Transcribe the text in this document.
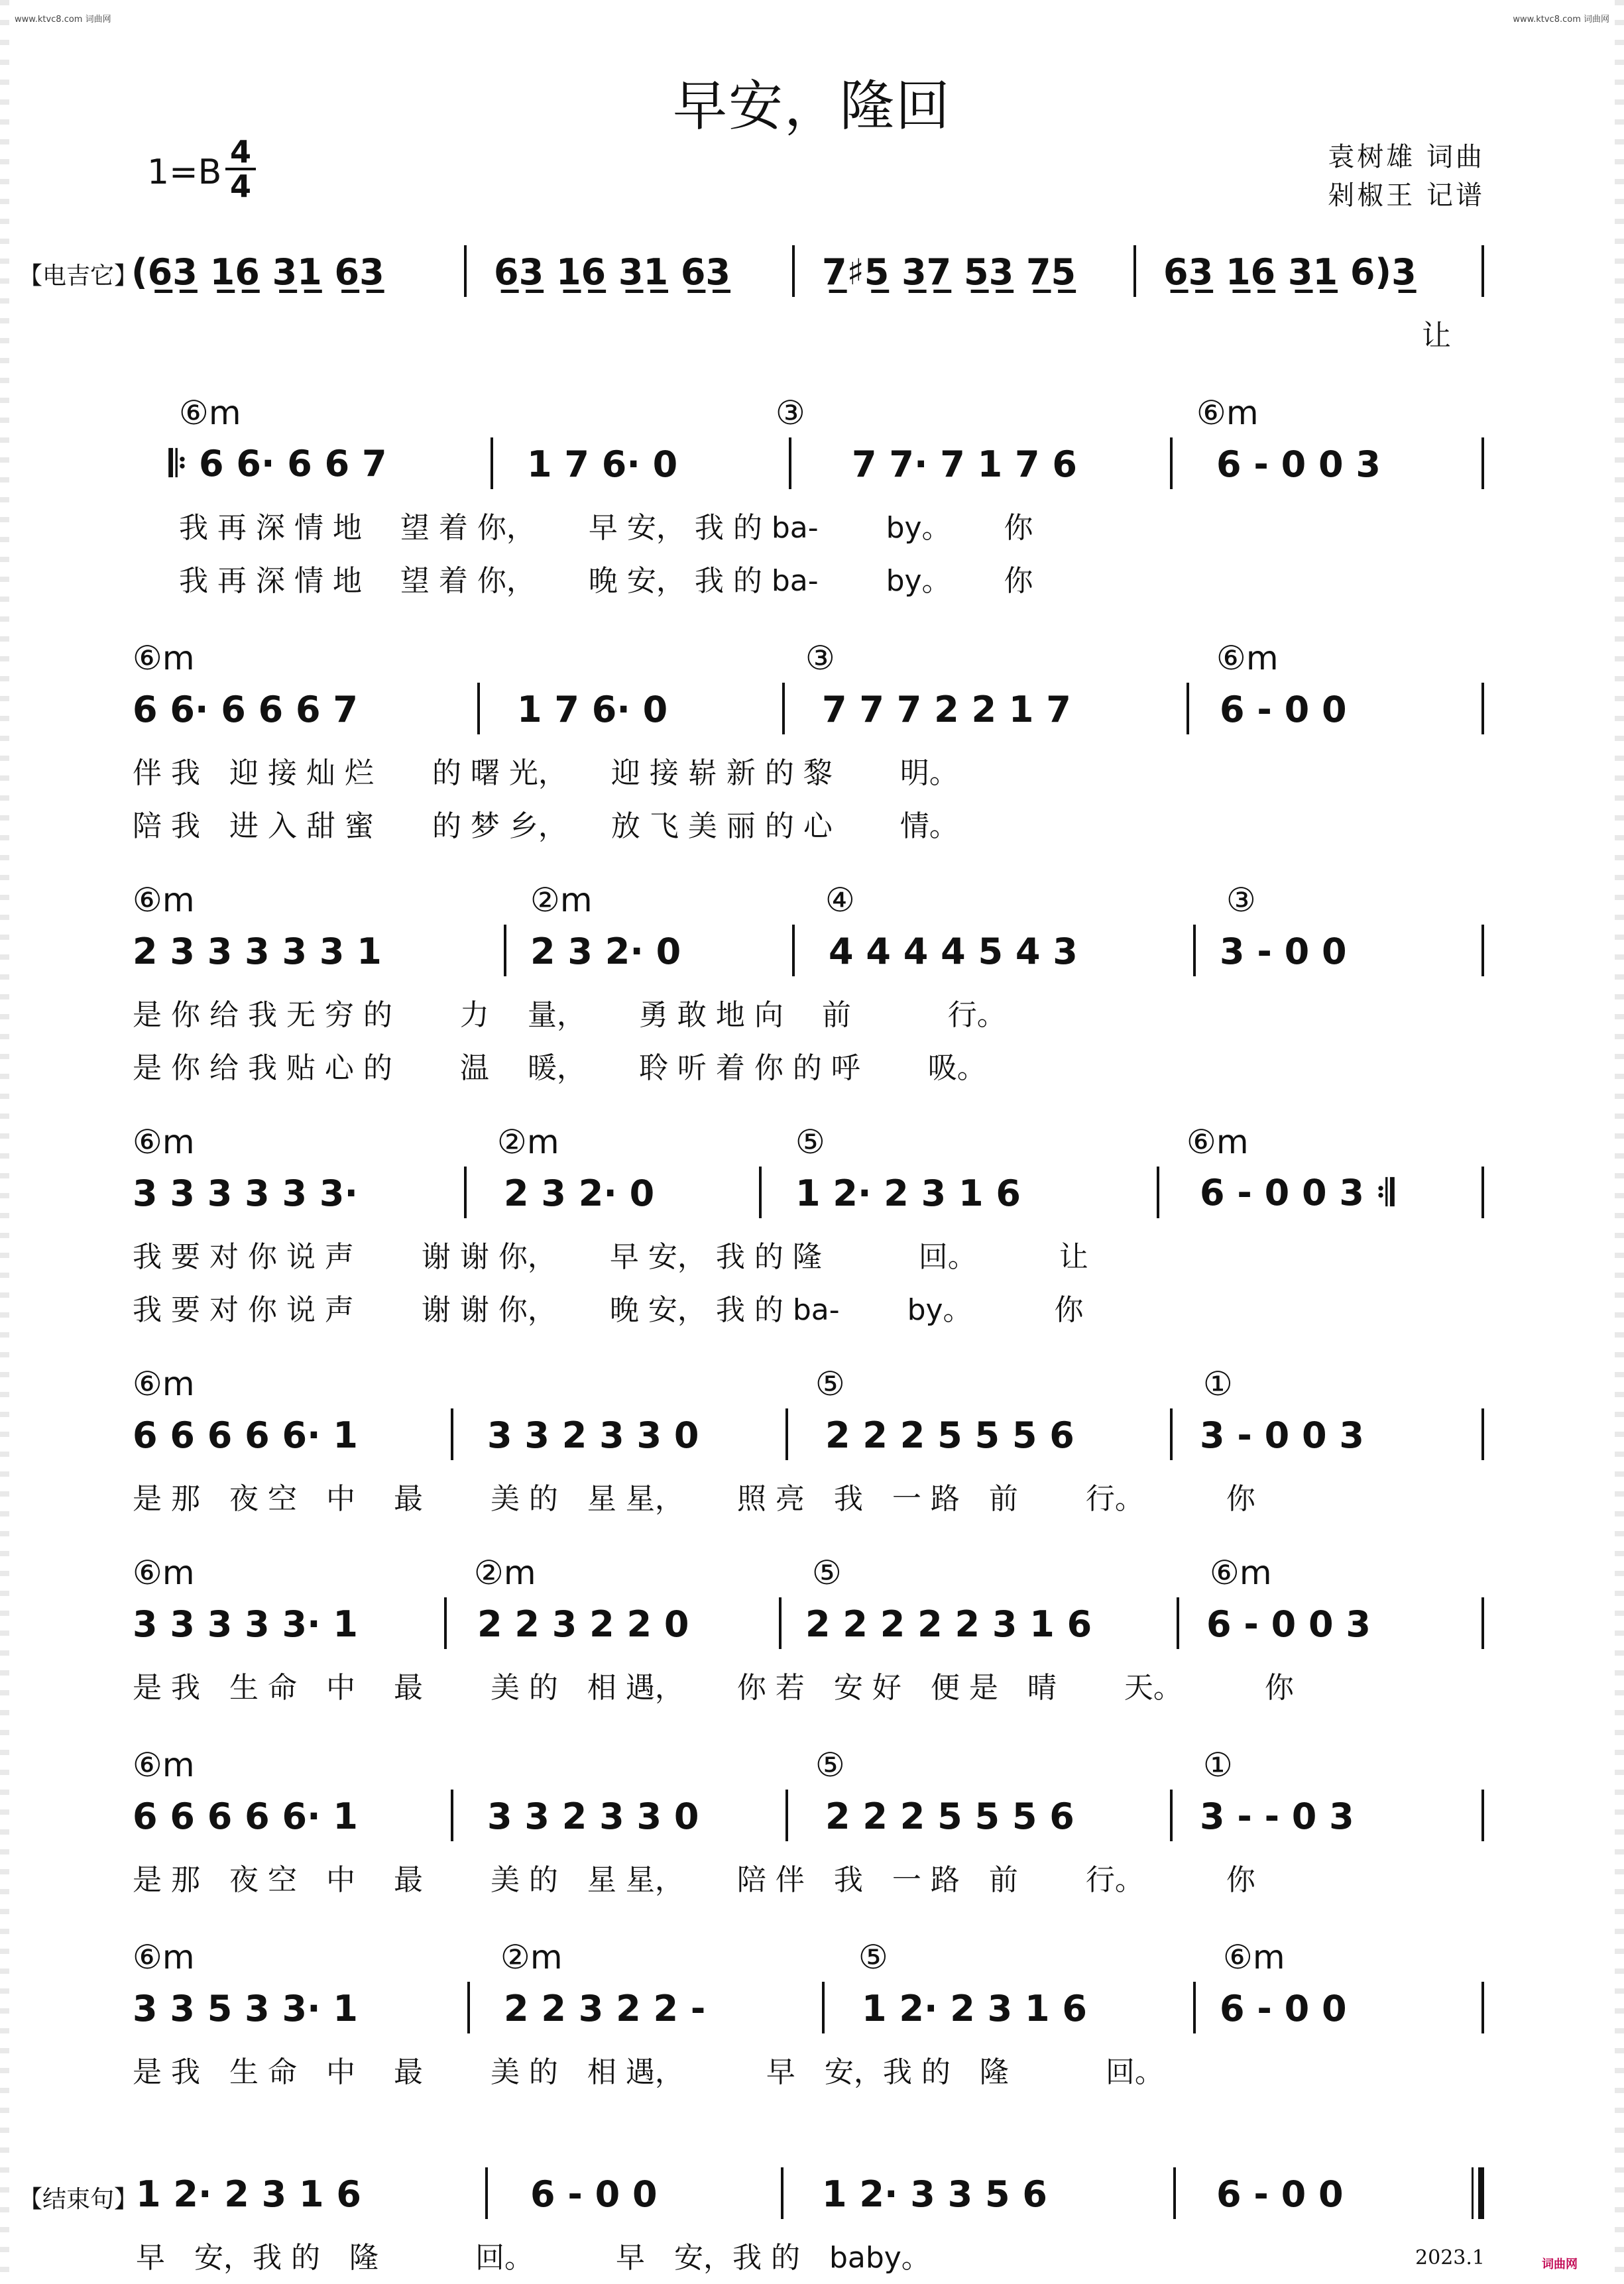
www.ktvc8.com 词曲网	www.ktvc8.com 词曲网
早安，隆回
1=B
4
4
袁树雄 词曲
剁椒王 记谱
【电吉它】
(6̲3̲ 1̲6̲ 3̲1̲ 6̲3̲	6̲3̲ 1̲6̲ 3̲1̲ 6̲3̲	7̲♯5̲ 3̲7̲ 5̲3̲ 7̲5̲ 6̲3̲ 1̲6̲ 3̲1̲ 6)3̲
让
⑥m	③	⑥m
𝄆 6 6· 6 6 7	1 7 6· 0	7 7· 7 1 7 6	6 - 0 0 3
我 再 深 情 地　 望 着 你，　　 早 安， 我 的 ba-　　 by。　　 你
我 再 深 情 地　 望 着 你，　　 晚 安， 我 的 ba-　　 by。　　 你
⑥m	③	⑥m
6 6· 6 6 6 7	1 7 6· 0	7 7 7 2 2 1 7	6 - 0 0
伴 我　迎 接 灿 烂　　的 曙 光，　　迎 接 崭 新 的 黎　　 明。
陪 我　进 入 甜 蜜　　的 梦 乡，　　放 飞 美 丽 的 心　　 情。
⑥m	②m	④	③
2 3 3 3 3 3 1	2 3 2· 0	4 4 4 4 5 4 3	3 - 0 0
是 你 给 我 无 穷 的　　 力　 量，　　 勇 敢 地 向　 前　　　 行。
是 你 给 我 贴 心 的　　 温　 暖，　　 聆 听 着 你 的 呼　　 吸。
⑥m	②m	⑤	⑥m
3 3 3 3 3 3·	2 3 2· 0	1 2· 2 3 1 6	6 - 0 0 3 𝄇
我 要 对 你 说 声　　 谢 谢 你，　　 早 安， 我 的 隆　　　 回。　　　 让
我 要 对 你 说 声　　 谢 谢 你，　　 晚 安， 我 的 ba-　　 by。　　　 你
⑥m	⑤	①
6 6 6 6 6· 1	3 3 2 3 3 0	2 2 2 5 5 5 6	3 - 0 0 3
是 那　夜 空　中　 最　　 美 的　星 星，　　 照 亮　我　一 路　前　　 行。　　　 你
⑥m	②m	⑤	⑥m
3 3 3 3 3· 1	2 2 3 2 2 0	2 2 2 2 2 3 1 6	6 - 0 0 3
是 我　生 命　中　 最　　 美 的　相 遇，　　 你 若　安 好　便 是　晴　　 天。　　　 你
⑥m	⑤	①
6 6 6 6 6· 1	3 3 2 3 3 0	2 2 2 5 5 5 6	3 - - 0 3
是 那　夜 空　中　 最　　 美 的　星 星，　　 陪 伴　我　一 路　前　　 行。　　　 你
⑥m	②m	⑤	⑥m
3 3 5 3 3· 1	2 2 3 2 2 -	1 2· 2 3 1 6	6 - 0 0
是 我　生 命　中　 最　　 美 的　相 遇，　　　 早　安，我 的　隆　　　 回。
【结束句】
1 2· 2 3 1 6	6 - 0 0	1 2· 3 3 5 6	6 - 0 0
早　安，我 的　隆　　　 回。　　　 早　安，我 的　baby。	2023.1	词曲网
